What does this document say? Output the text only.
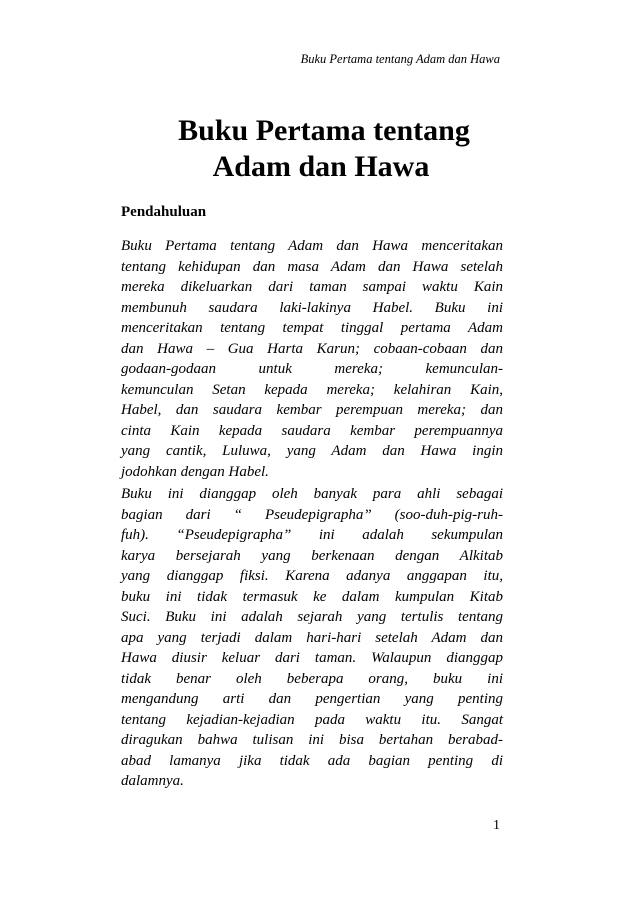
Buku Pertama tentang Adam dan Hawa
Buku Pertama tentang
Adam dan Hawa
Pendahuluan
Buku Pertama tentang Adam dan Hawa menceritakan
tentang kehidupan dan masa Adam dan Hawa setelah
mereka dikeluarkan dari taman sampai waktu Kain
membunuh saudara laki-lakinya Habel. Buku ini
menceritakan tentang tempat tinggal pertama Adam
dan Hawa – Gua Harta Karun; cobaan-cobaan dan
godaan-godaan untuk mereka; kemunculan-
kemunculan Setan kepada mereka; kelahiran Kain,
Habel, dan saudara kembar perempuan mereka; dan
cinta Kain kepada saudara kembar perempuannya
yang cantik, Luluwa, yang Adam dan Hawa ingin
jodohkan dengan Habel.
Buku ini dianggap oleh banyak para ahli sebagai
bagian dari “ Pseudepigrapha” (soo-duh-pig-ruh-
fuh). “Pseudepigrapha” ini adalah sekumpulan
karya bersejarah yang berkenaan dengan Alkitab
yang dianggap fiksi. Karena adanya anggapan itu,
buku ini tidak termasuk ke dalam kumpulan Kitab
Suci. Buku ini adalah sejarah yang tertulis tentang
apa yang terjadi dalam hari-hari setelah Adam dan
Hawa diusir keluar dari taman. Walaupun dianggap
tidak benar oleh beberapa orang, buku ini
mengandung arti dan pengertian yang penting
tentang kejadian-kejadian pada waktu itu. Sangat
diragukan bahwa tulisan ini bisa bertahan berabad-
abad lamanya jika tidak ada bagian penting di
dalamnya.
1
